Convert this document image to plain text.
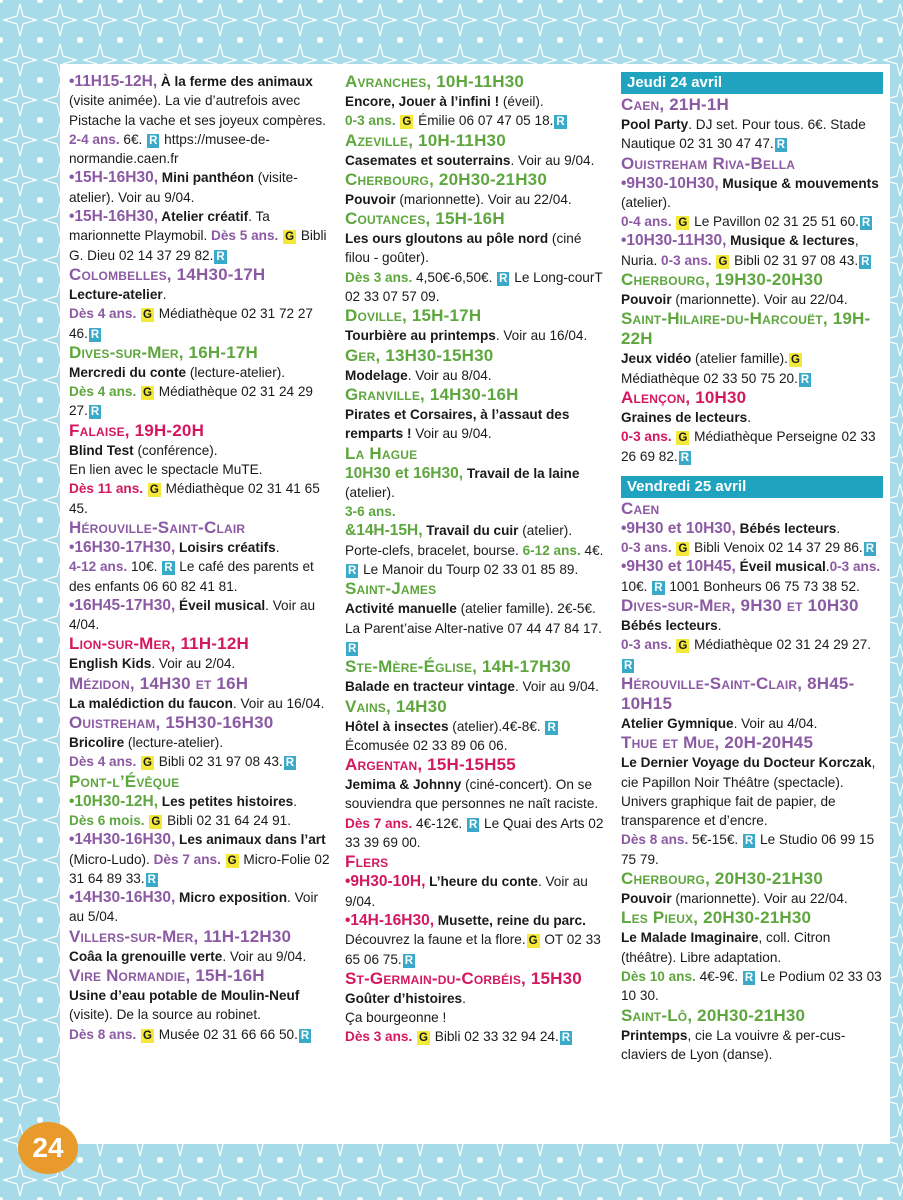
•11H15-12H, À la ferme des animaux (visite animée). La vie d’autrefois avec Pistache la vache et ses joyeux compères. 2-4 ans. 6€. R https://musee-de-normandie.caen.fr

•15H-16H30, Mini panthéon (visite-atelier). Voir au 9/04.

•15H-16H30, Atelier créatif. Ta marionnette Playmobil. Dès 5 ans. G Bibli G. Dieu 02 14 37 29 82. R

Colombelles, 14H30-17H
Lecture-atelier.
Dès 4 ans. G Médiathèque 02 31 72 27 46. R

Dives-sur-Mer, 16H-17H
Mercredi du conte (lecture-atelier).
Dès 4 ans. G Médiathèque 02 31 24 29 27. R

Falaise, 19H-20H
Blind Test (conférence).
En lien avec le spectacle MuTE.
Dès 11 ans. G Médiathèque 02 31 41 65 45.

Hérouville-Saint-Clair
•16H30-17H30, Loisirs créatifs.
4-12 ans. 10€. R Le café des parents et des enfants 06 60 82 41 81.

•16H45-17H30, Éveil musical. Voir au 4/04.

Lion-sur-Mer, 11H-12H
English Kids. Voir au 2/04.

Mézidon, 14H30 et 16H
La malédiction du faucon. Voir au 16/04.

Ouistreham, 15H30-16H30
Bricolire (lecture-atelier).
Dès 4 ans. G Bibli 02 31 97 08 43. R

Pont-l’Évêque
•10H30-12H, Les petites histoires.
Dès 6 mois. G Bibli 02 31 64 24 91.

•14H30-16H30, Les animaux dans l’art (Micro-Ludo). Dès 7 ans. G Micro-Folie 02 31 64 89 33. R

•14H30-16H30, Micro exposition. Voir au 5/04.

Villers-sur-Mer, 11H-12H30
Coâa la grenouille verte. Voir au 9/04.

Vire Normandie, 15H-16H
Usine d’eau potable de Moulin-Neuf (visite). De la source au robinet.
Dès 8 ans. G Musée 02 31 66 66 50. R

Avranches, 10H-11H30
Encore, Jouer à l’infini ! (éveil).
0-3 ans. G Émilie 06 07 47 05 18. R

Azeville, 10H-11H30
Casemates et souterrains. Voir au 9/04.

Cherbourg, 20H30-21H30
Pouvoir (marionnette). Voir au 22/04.

Coutances, 15H-16H
Les ours gloutons au pôle nord (ciné filou - goûter).
Dès 3 ans. 4,50€-6,50€. R Le Long-courT 02 33 07 57 09.

Doville, 15H-17H
Tourbière au printemps. Voir au 16/04.

Ger, 13H30-15H30
Modelage. Voir au 8/04.

Granville, 14H30-16H
Pirates et Corsaires, à l’assaut des remparts ! Voir au 9/04.

La Hague
10H30 et 16H30, Travail de la laine (atelier).
3-6 ans.

&14H-15H, Travail du cuir (atelier). Porte-clefs, bracelet, bourse. 6-12 ans. 4€. R Le Manoir du Tourp 02 33 01 85 89.

Saint-James
Activité manuelle (atelier famille). 2€-5€. La Parent’aise Alter-native 07 44 47 84 17.R

Ste-Mère-Église, 14H-17H30
Balade en tracteur vintage. Voir au 9/04.

Vains, 14H30
Hôtel à insectes (atelier).4€-8€. R Écomusée 02 33 89 06 06.

Argentan, 15H-15H55
Jemima & Johnny (ciné-concert). On se souviendra que personnes ne naît raciste.
Dès 7 ans. 4€-12€. R Le Quai des Arts 02 33 39 69 00.

Flers
•9H30-10H, L’heure du conte. Voir au 9/04.

•14H-16H30, Musette, reine du parc. Découvrez la faune et la flore. G OT 02 33 65 06 75. R

St-Germain-du-Corbéis, 15H30
Goûter d’histoires.
Ça bourgeonne !
Dès 3 ans. G Bibli 02 33 32 94 24. R

Jeudi 24 avril

Caen, 21H-1H
Pool Party. DJ set. Pour tous. 6€. Stade Nautique 02 31 30 47 47. R

Ouistreham Riva-Bella
•9H30-10H30, Musique & mouvements (atelier).
0-4 ans. G Le Pavillon 02 31 25 51 60. R

•10H30-11H30, Musique & lectures, Nuria. 0-3 ans. G Bibli 02 31 97 08 43. R

Cherbourg, 19H30-20H30
Pouvoir (marionnette). Voir au 22/04.

Saint-Hilaire-du-Harcouët, 19H-22H
Jeux vidéo (atelier famille). G Médiathèque 02 33 50 75 20. R

Alençon, 10H30
Graines de lecteurs.
0-3 ans. G Médiathèque Perseigne 02 33 26 69 82. R

Vendredi 25 avril

Caen
•9H30 et 10H30, Bébés lecteurs.
0-3 ans. G Bibli Venoix 02 14 37 29 86. R

•9H30 et 10H45, Éveil musical.0-3 ans. 10€. R 1001 Bonheurs 06 75 73 38 52.

Dives-sur-Mer, 9H30 et 10H30
Bébés lecteurs.
0-3 ans. G Médiathèque 02 31 24 29 27.R

Hérouville-Saint-Clair, 8H45-10H15
Atelier Gymnique. Voir au 4/04.

Thue et Mue, 20H-20H45
Le Dernier Voyage du Docteur Korczak, cie Papillon Noir Théâtre (spectacle). Univers graphique fait de papier, de transparence et d’encre.
Dès 8 ans. 5€-15€. R Le Studio 06 99 15 75 79.

Cherbourg, 20H30-21H30
Pouvoir (marionnette). Voir au 22/04.

Les Pieux, 20H30-21H30
Le Malade Imaginaire, coll. Citron (théâtre). Libre adaptation.
Dès 10 ans. 4€-9€. R Le Podium 02 33 03 10 30.

Saint-Lô, 20H30-21H30
Printemps, cie La vouivre & per-cus-claviers de Lyon (danse).

24
